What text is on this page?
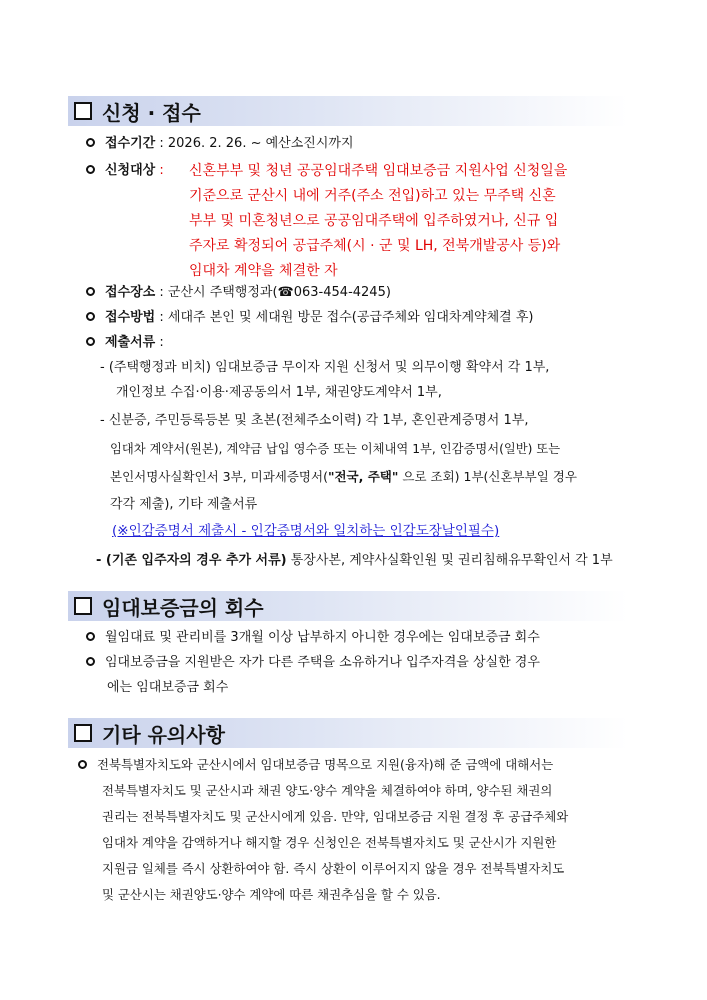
신청 · 접수
접수기간 : 2026. 2. 26. ~ 예산소진시까지
신청대상 : 신혼부부 및 청년 공공임대주택 임대보증금 지원사업 신청일을
기준으로 군산시 내에 거주(주소 전입)하고 있는 무주택 신혼
부부 및 미혼청년으로 공공임대주택에 입주하였거나, 신규 입
주자로 확정되어 공급주체(시 · 군 및 LH, 전북개발공사 등)와
임대차 계약을 체결한 자
접수장소 : 군산시 주택행정과(☎063-454-4245)
접수방법 : 세대주 본인 및 세대원 방문 접수(공급주체와 임대차계약체결 후)
제출서류 :
- (주택행정과 비치) 임대보증금 무이자 지원 신청서 및 의무이행 확약서 각 1부,
개인정보 수집·이용·제공동의서 1부, 채권양도계약서 1부,
- 신분증, 주민등록등본 및 초본(전체주소이력) 각 1부, 혼인관계증명서 1부,
임대차 계약서(원본), 계약금 납입 영수증 또는 이체내역 1부, 인감증명서(일반) 또는
본인서명사실확인서 3부, 미과세증명서("전국, 주택" 으로 조회) 1부(신혼부부일 경우
각각 제출), 기타 제출서류
(※인감증명서 제출시 - 인감증명서와 일치하는 인감도장날인필수)
- (기존 입주자의 경우 추가 서류) 통장사본, 계약사실확인원 및 권리침해유무확인서 각 1부
임대보증금의 회수
월임대료 및 관리비를 3개월 이상 납부하지 아니한 경우에는 임대보증금 회수
임대보증금을 지원받은 자가 다른 주택을 소유하거나 입주자격을 상실한 경우
에는 임대보증금 회수
기타 유의사항
전북특별자치도와 군산시에서 임대보증금 명목으로 지원(융자)해 준 금액에 대해서는
전북특별자치도 및 군산시과 채권 양도·양수 계약을 체결하여야 하며, 양수된 채권의
권리는 전북특별자치도 및 군산시에게 있음. 만약, 임대보증금 지원 결정 후 공급주체와
임대차 계약을 감액하거나 해지할 경우 신청인은 전북특별자치도 및 군산시가 지원한
지원금 일체를 즉시 상환하여야 함. 즉시 상환이 이루어지지 않을 경우 전북특별자치도
및 군산시는 채권양도·양수 계약에 따른 채권추심을 할 수 있음.
